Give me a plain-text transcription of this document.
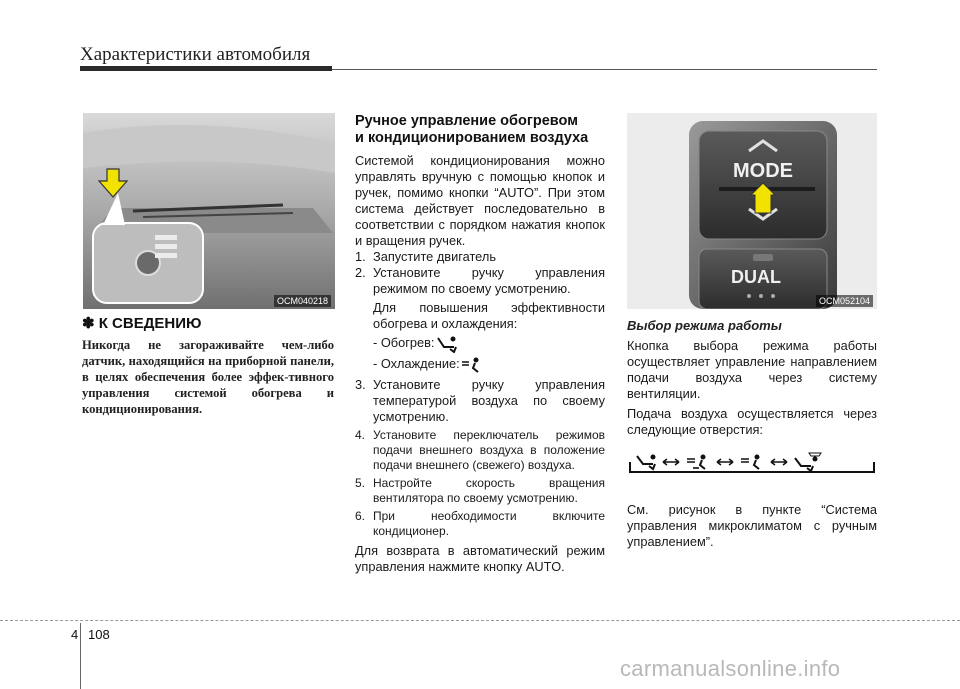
Характеристики автомобиля
OCM040218
✽ К СВЕДЕНИЮ
Никогда не загораживайте чем-либо датчик, находящийся на приборной панели, в целях обеспечения более эффек-тивного управления системой обогрева и кондиционирования.
Ручное управление обогревом
и кондиционированием воздуха

Системой кондиционирования можно управлять вручную с помощью кнопок и ручек, помимо кнопки “AUTO”. При этом система действует последовательно в соответствии с порядком нажатия кнопок и вращения ручек.

1. Запустите двигатель
2. Установите ручку управления режимом по своему усмотрению.
Для повышения эффективности обогрева и охлаждения:
- Обогрев:
- Охлаждение:
3. Установите ручку управления температурой воздуха по своему усмотрению.
4. Установите переключатель режимов подачи внешнего воздуха в положение подачи внешнего (свежего) воздуха.
5. Настройте скорость вращения вентилятора по своему усмотрению.
6. При необходимости включите кондиционер.

Для возврата в автоматический режим управления нажмите кнопку AUTO.

MODE
DUAL
OCM052104
Выбор режима работы

Кнопка выбора режима работы осуществляет управление направлением подачи воздуха через систему вентиляции.

Подача воздуха осуществляется через следующие отверстия:

См. рисунок в пункте “Система управления микроклиматом с ручным управлением”.

4 108
carmanualsonline.info
